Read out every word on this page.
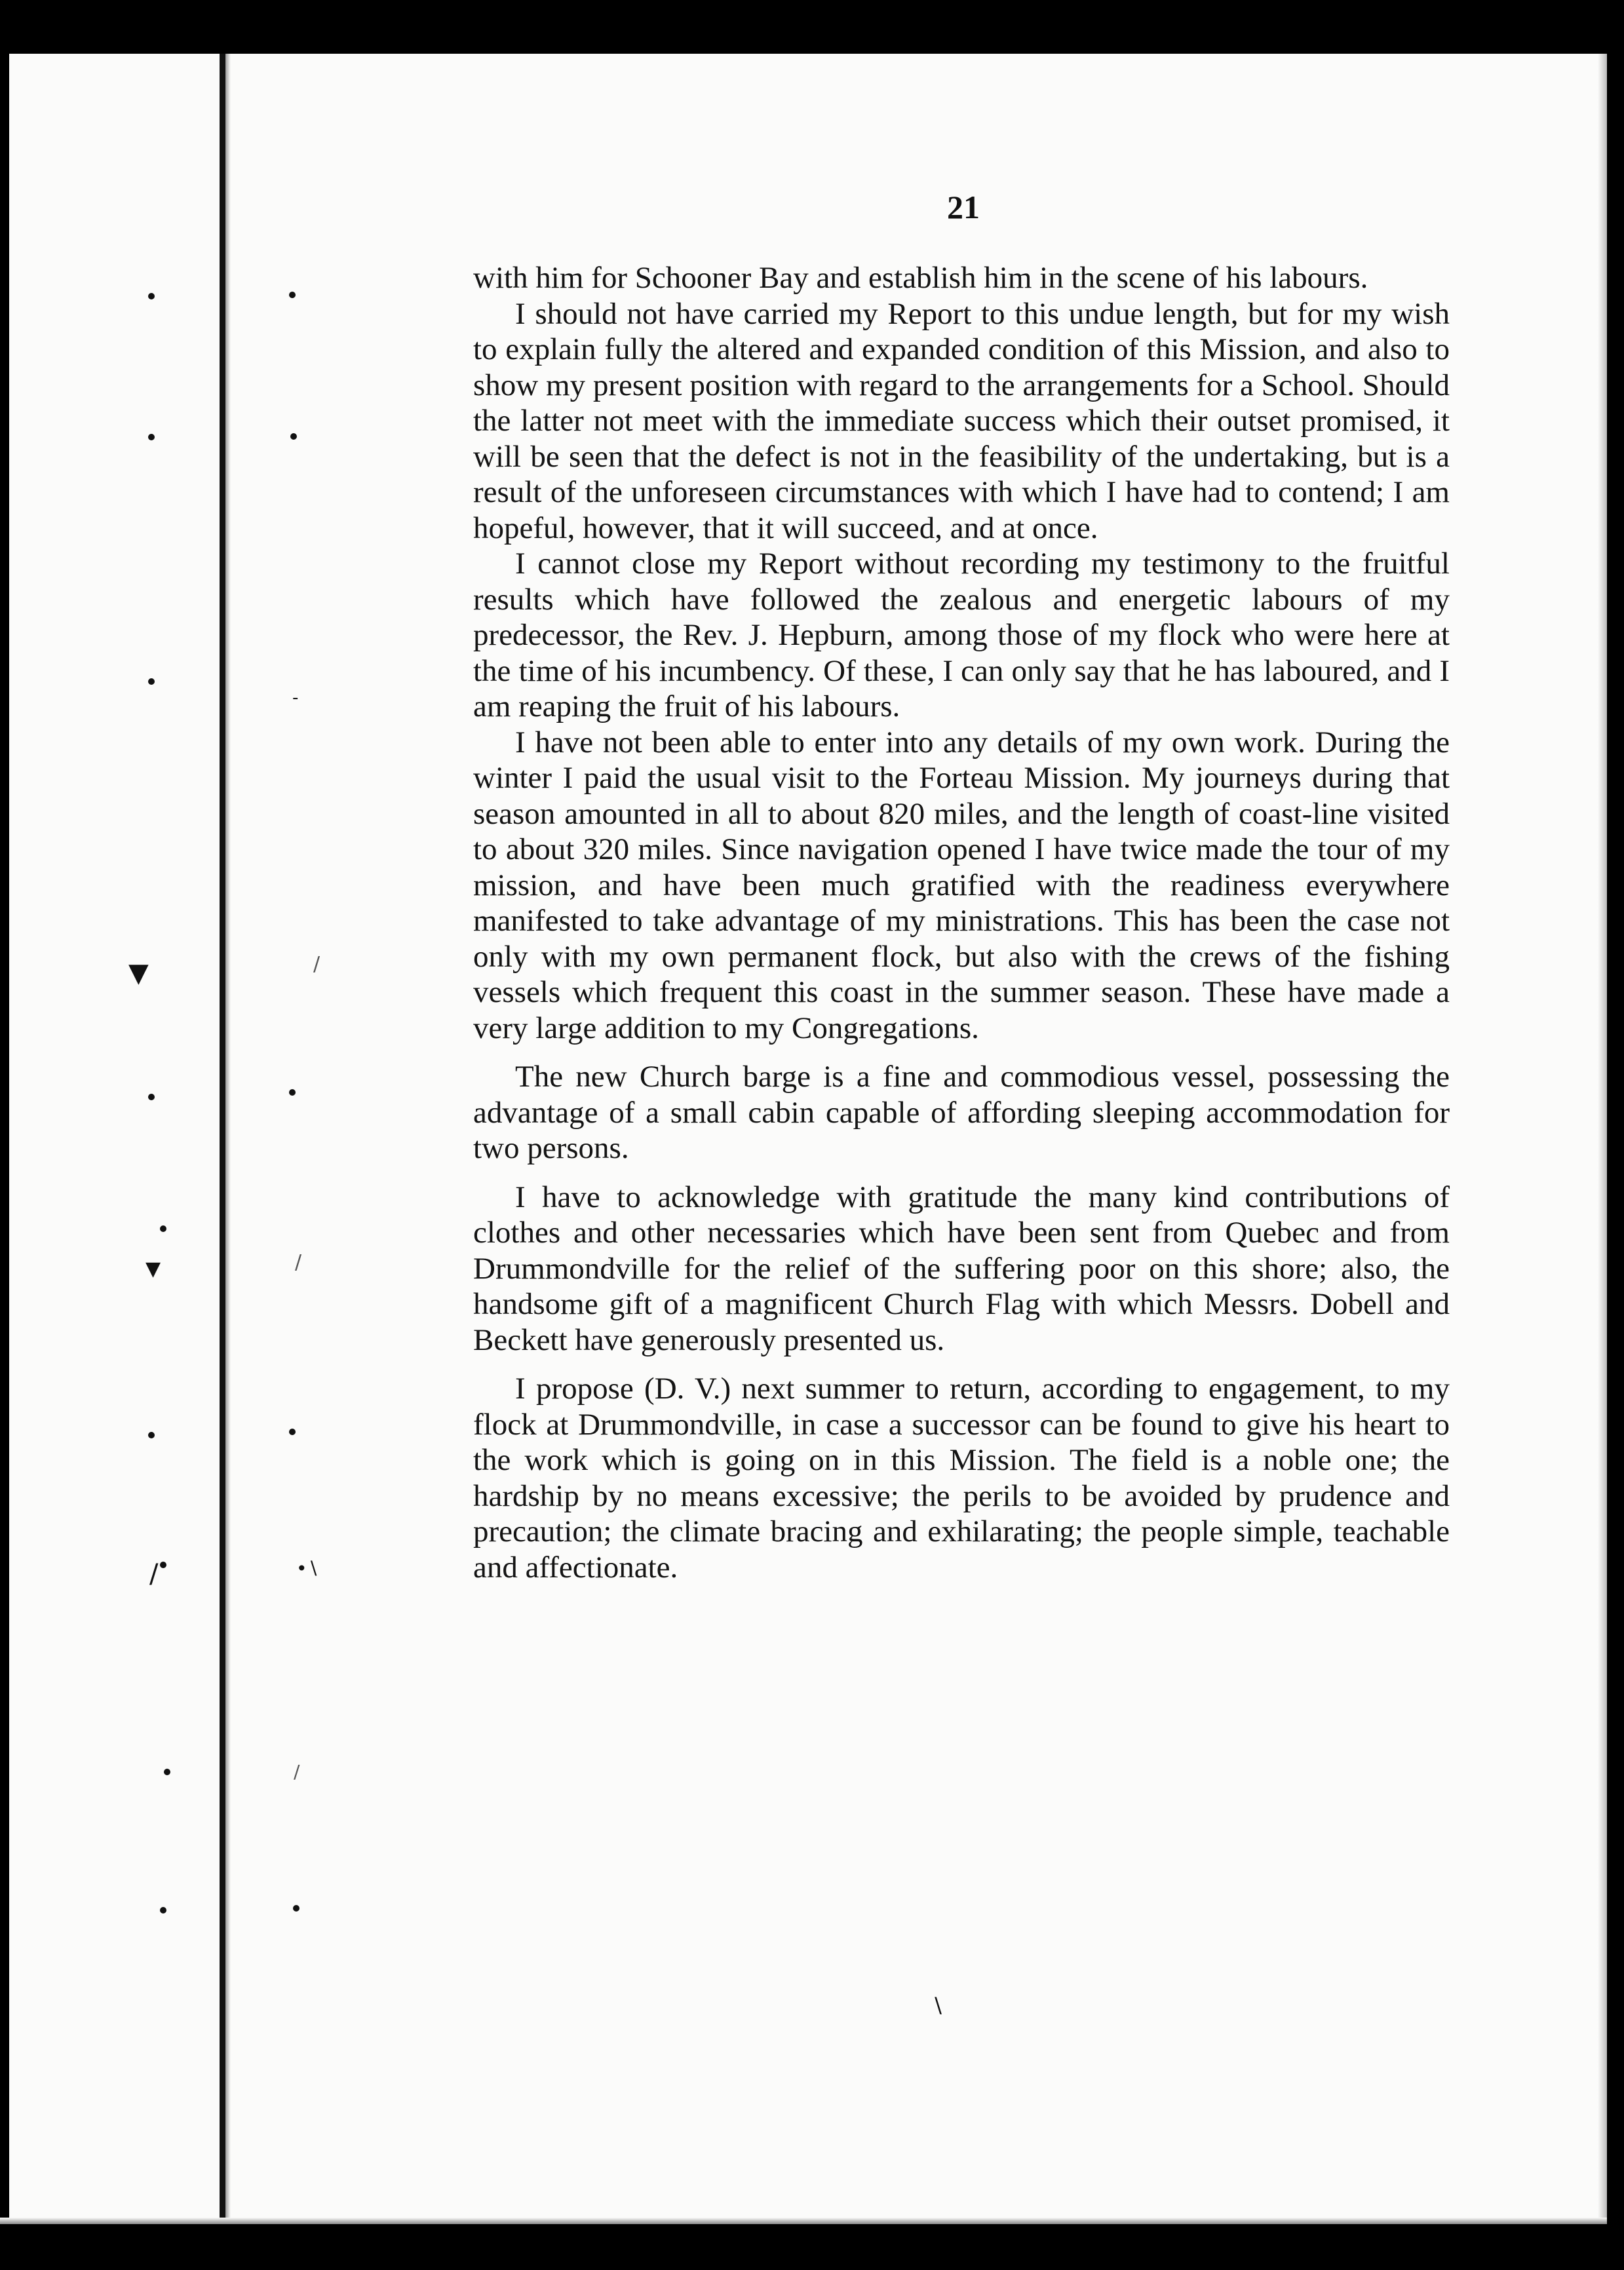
-
▼	/
▼	/
/	•∖
/
∖
21

with him for Schooner Bay and establish him in the scene of his labours.

I should not have carried my Report to this undue length, but for my wish to explain fully the altered and expanded condition of this Mission, and also to show my present position with regard to the arrangements for a School. Should the latter not meet with the immediate success which their outset promised, it will be seen that the defect is not in the feasibility of the undertaking, but is a result of the unforeseen circumstances with which I have had to contend; I am hopeful, however, that it will succeed, and at once.

I cannot close my Report without recording my testimony to the fruitful results which have followed the zealous and energetic labours of my predecessor, the Rev. J. Hepburn, among those of my flock who were here at the time of his incumbency. Of these, I can only say that he has laboured, and I am reaping the fruit of his labours.

I have not been able to enter into any details of my own work. During the winter I paid the usual visit to the Forteau Mission. My journeys during that season amounted in all to about 820 miles, and the length of coast-line visited to about 320 miles. Since navigation opened I have twice made the tour of my mission, and have been much gratified with the readiness everywhere manifested to take advantage of my ministrations. This has been the case not only with my own permanent flock, but also with the crews of the fishing vessels which frequent this coast in the summer season. These have made a very large addition to my Congregations.

The new Church barge is a fine and commodious vessel, possessing the advantage of a small cabin capable of affording sleeping accommodation for two persons.

I have to acknowledge with gratitude the many kind contributions of clothes and other necessaries which have been sent from Quebec and from Drummondville for the relief of the suffering poor on this shore; also, the handsome gift of a magnificent Church Flag with which Messrs. Dobell and Beckett have generously presented us.

I propose (D. V.) next summer to return, according to engagement, to my flock at Drummondville, in case a successor can be found to give his heart to the work which is going on in this Mission. The field is a noble one; the hardship by no means excessive; the perils to be avoided by prudence and precaution; the climate bracing and exhilarating; the people simple, teachable and affectionate.
